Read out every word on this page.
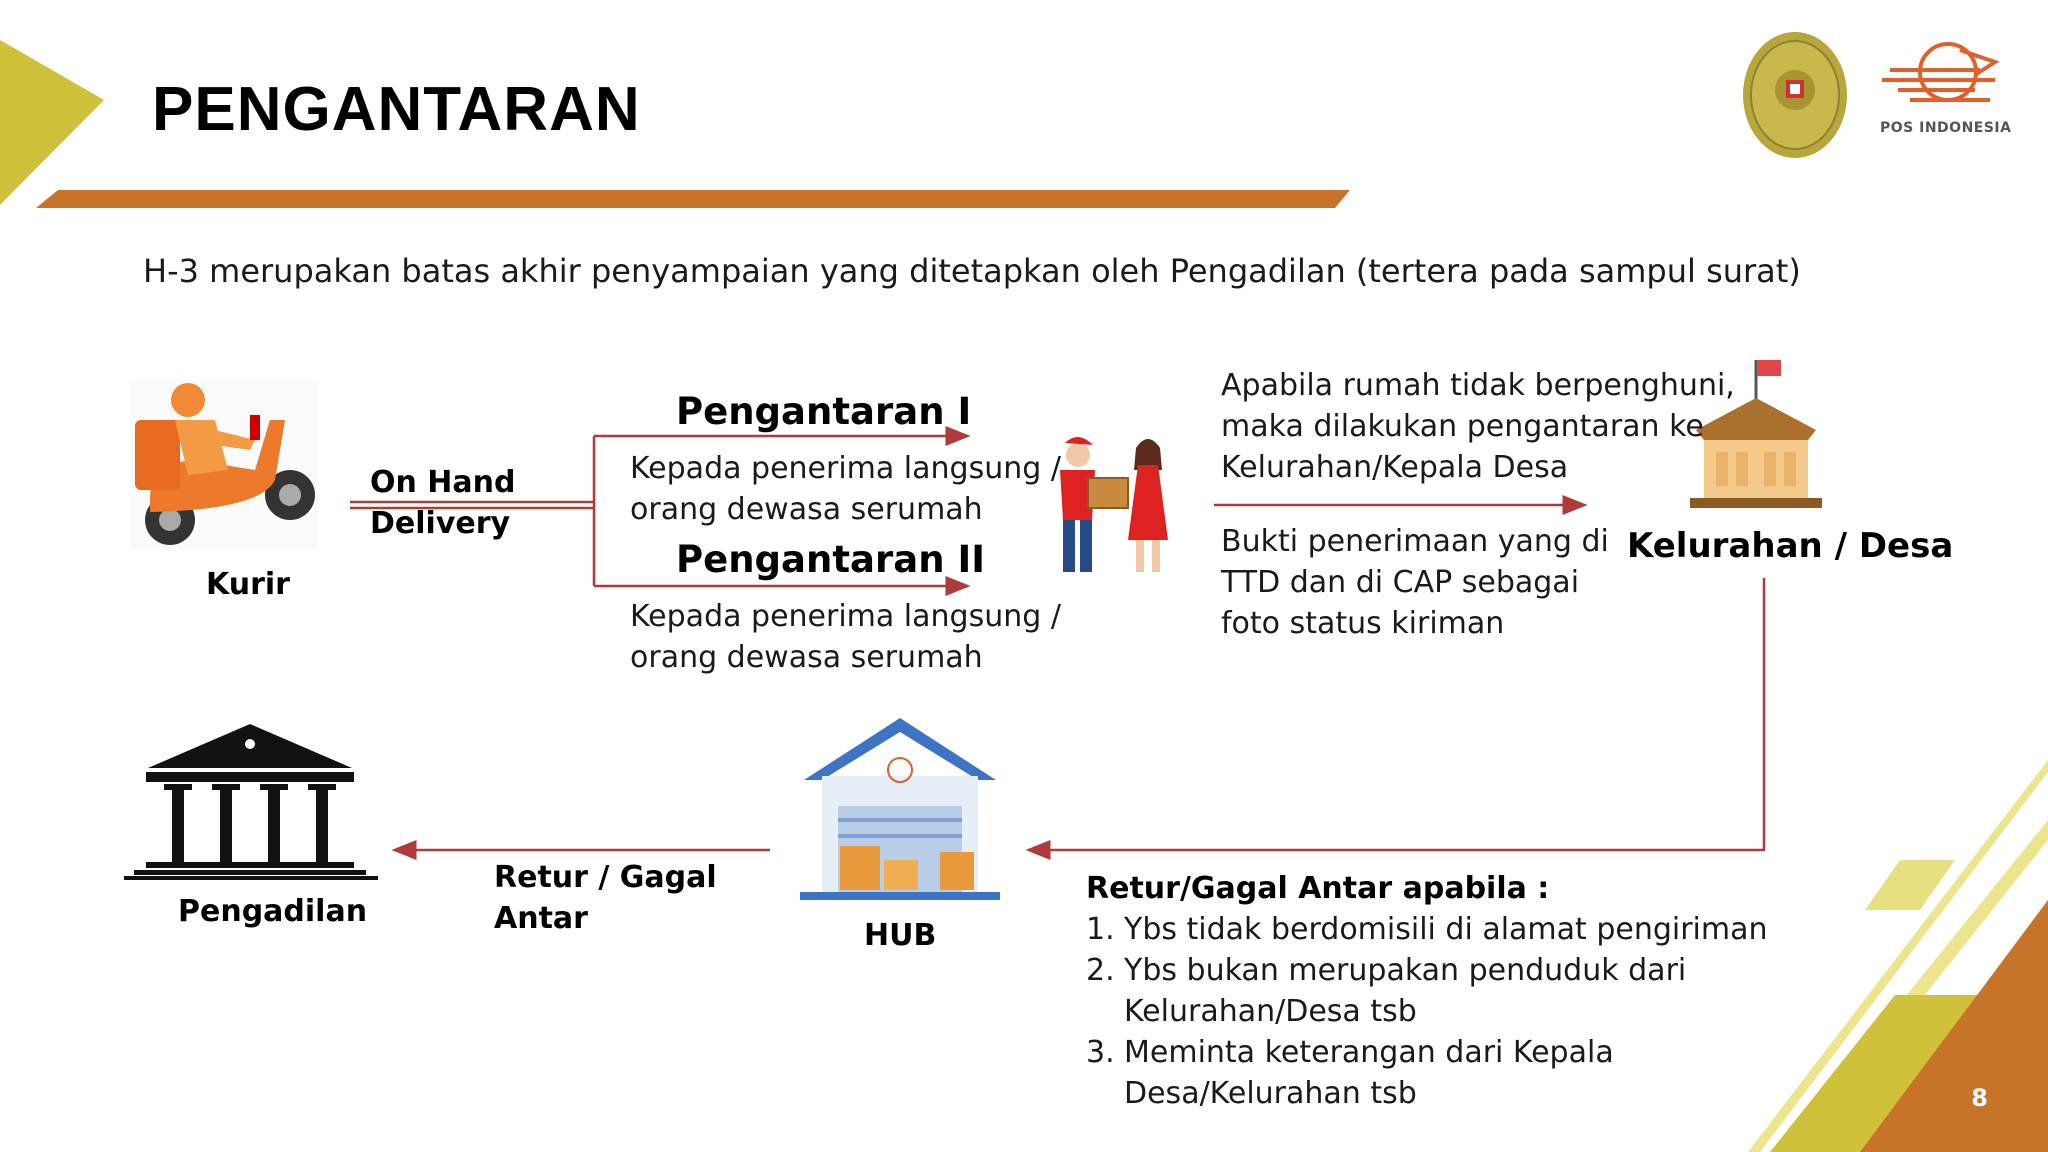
POS INDONESIA
PENGANTARAN
H-3 merupakan batas akhir penyampaian yang ditetapkan oleh Pengadilan (tertera pada sampul surat)
Kurir
On Hand
Delivery
Pengantaran I
Kepada penerima langsung /
orang dewasa serumah
Pengantaran II
Kepada penerima langsung /
orang dewasa serumah
Apabila rumah tidak berpenghuni,
maka dilakukan pengantaran ke
Kelurahan/Kepala Desa
Bukti penerimaan yang di
TTD dan di CAP sebagai
foto status kiriman
Kelurahan / Desa
HUB
Pengadilan
Retur / Gagal
Antar
Retur/Gagal Antar apabila :
1. Ybs tidak berdomisili di alamat pengiriman
2. Ybs bukan merupakan penduduk dari
Kelurahan/Desa tsb
3. Meminta keterangan dari Kepala
Desa/Kelurahan tsb	8
